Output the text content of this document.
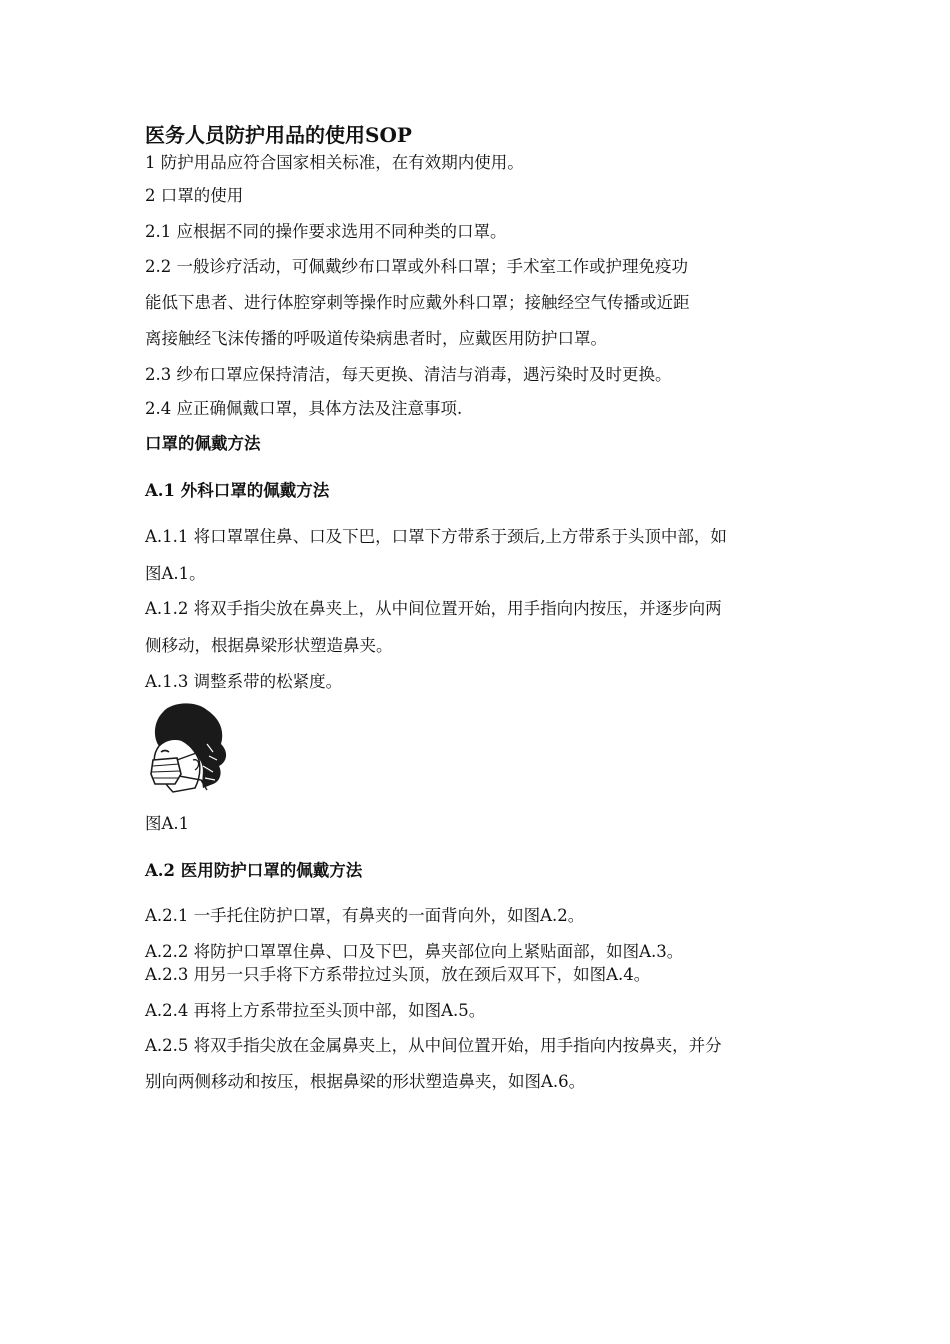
医务人员防护用品的使用SOP
1 防护用品应符合国家相关标准，在有效期内使用。
2 口罩的使用
2.1 应根据不同的操作要求选用不同种类的口罩。
2.2 一般诊疗活动，可佩戴纱布口罩或外科口罩；手术室工作或护理免疫功
能低下患者、进行体腔穿刺等操作时应戴外科口罩；接触经空气传播或近距
离接触经飞沫传播的呼吸道传染病患者时，应戴医用防护口罩。
2.3 纱布口罩应保持清洁，每天更换、清洁与消毒，遇污染时及时更换。
2.4 应正确佩戴口罩，具体方法及注意事项.
口罩的佩戴方法
A.1 外科口罩的佩戴方法
A.1.1 将口罩罩住鼻、口及下巴，口罩下方带系于颈后,上方带系于头顶中部，如
图A.1。
A.1.2 将双手指尖放在鼻夹上，从中间位置开始，用手指向内按压，并逐步向两
侧移动，根据鼻梁形状塑造鼻夹。
A.1.3 调整系带的松紧度。
图A.1
A.2 医用防护口罩的佩戴方法
A.2.1 一手托住防护口罩，有鼻夹的一面背向外，如图A.2。
A.2.2 将防护口罩罩住鼻、口及下巴，鼻夹部位向上紧贴面部，如图A.3。
A.2.3 用另一只手将下方系带拉过头顶，放在颈后双耳下，如图A.4。
A.2.4 再将上方系带拉至头顶中部，如图A.5。
A.2.5 将双手指尖放在金属鼻夹上，从中间位置开始，用手指向内按鼻夹，并分
别向两侧移动和按压，根据鼻梁的形状塑造鼻夹，如图A.6。
